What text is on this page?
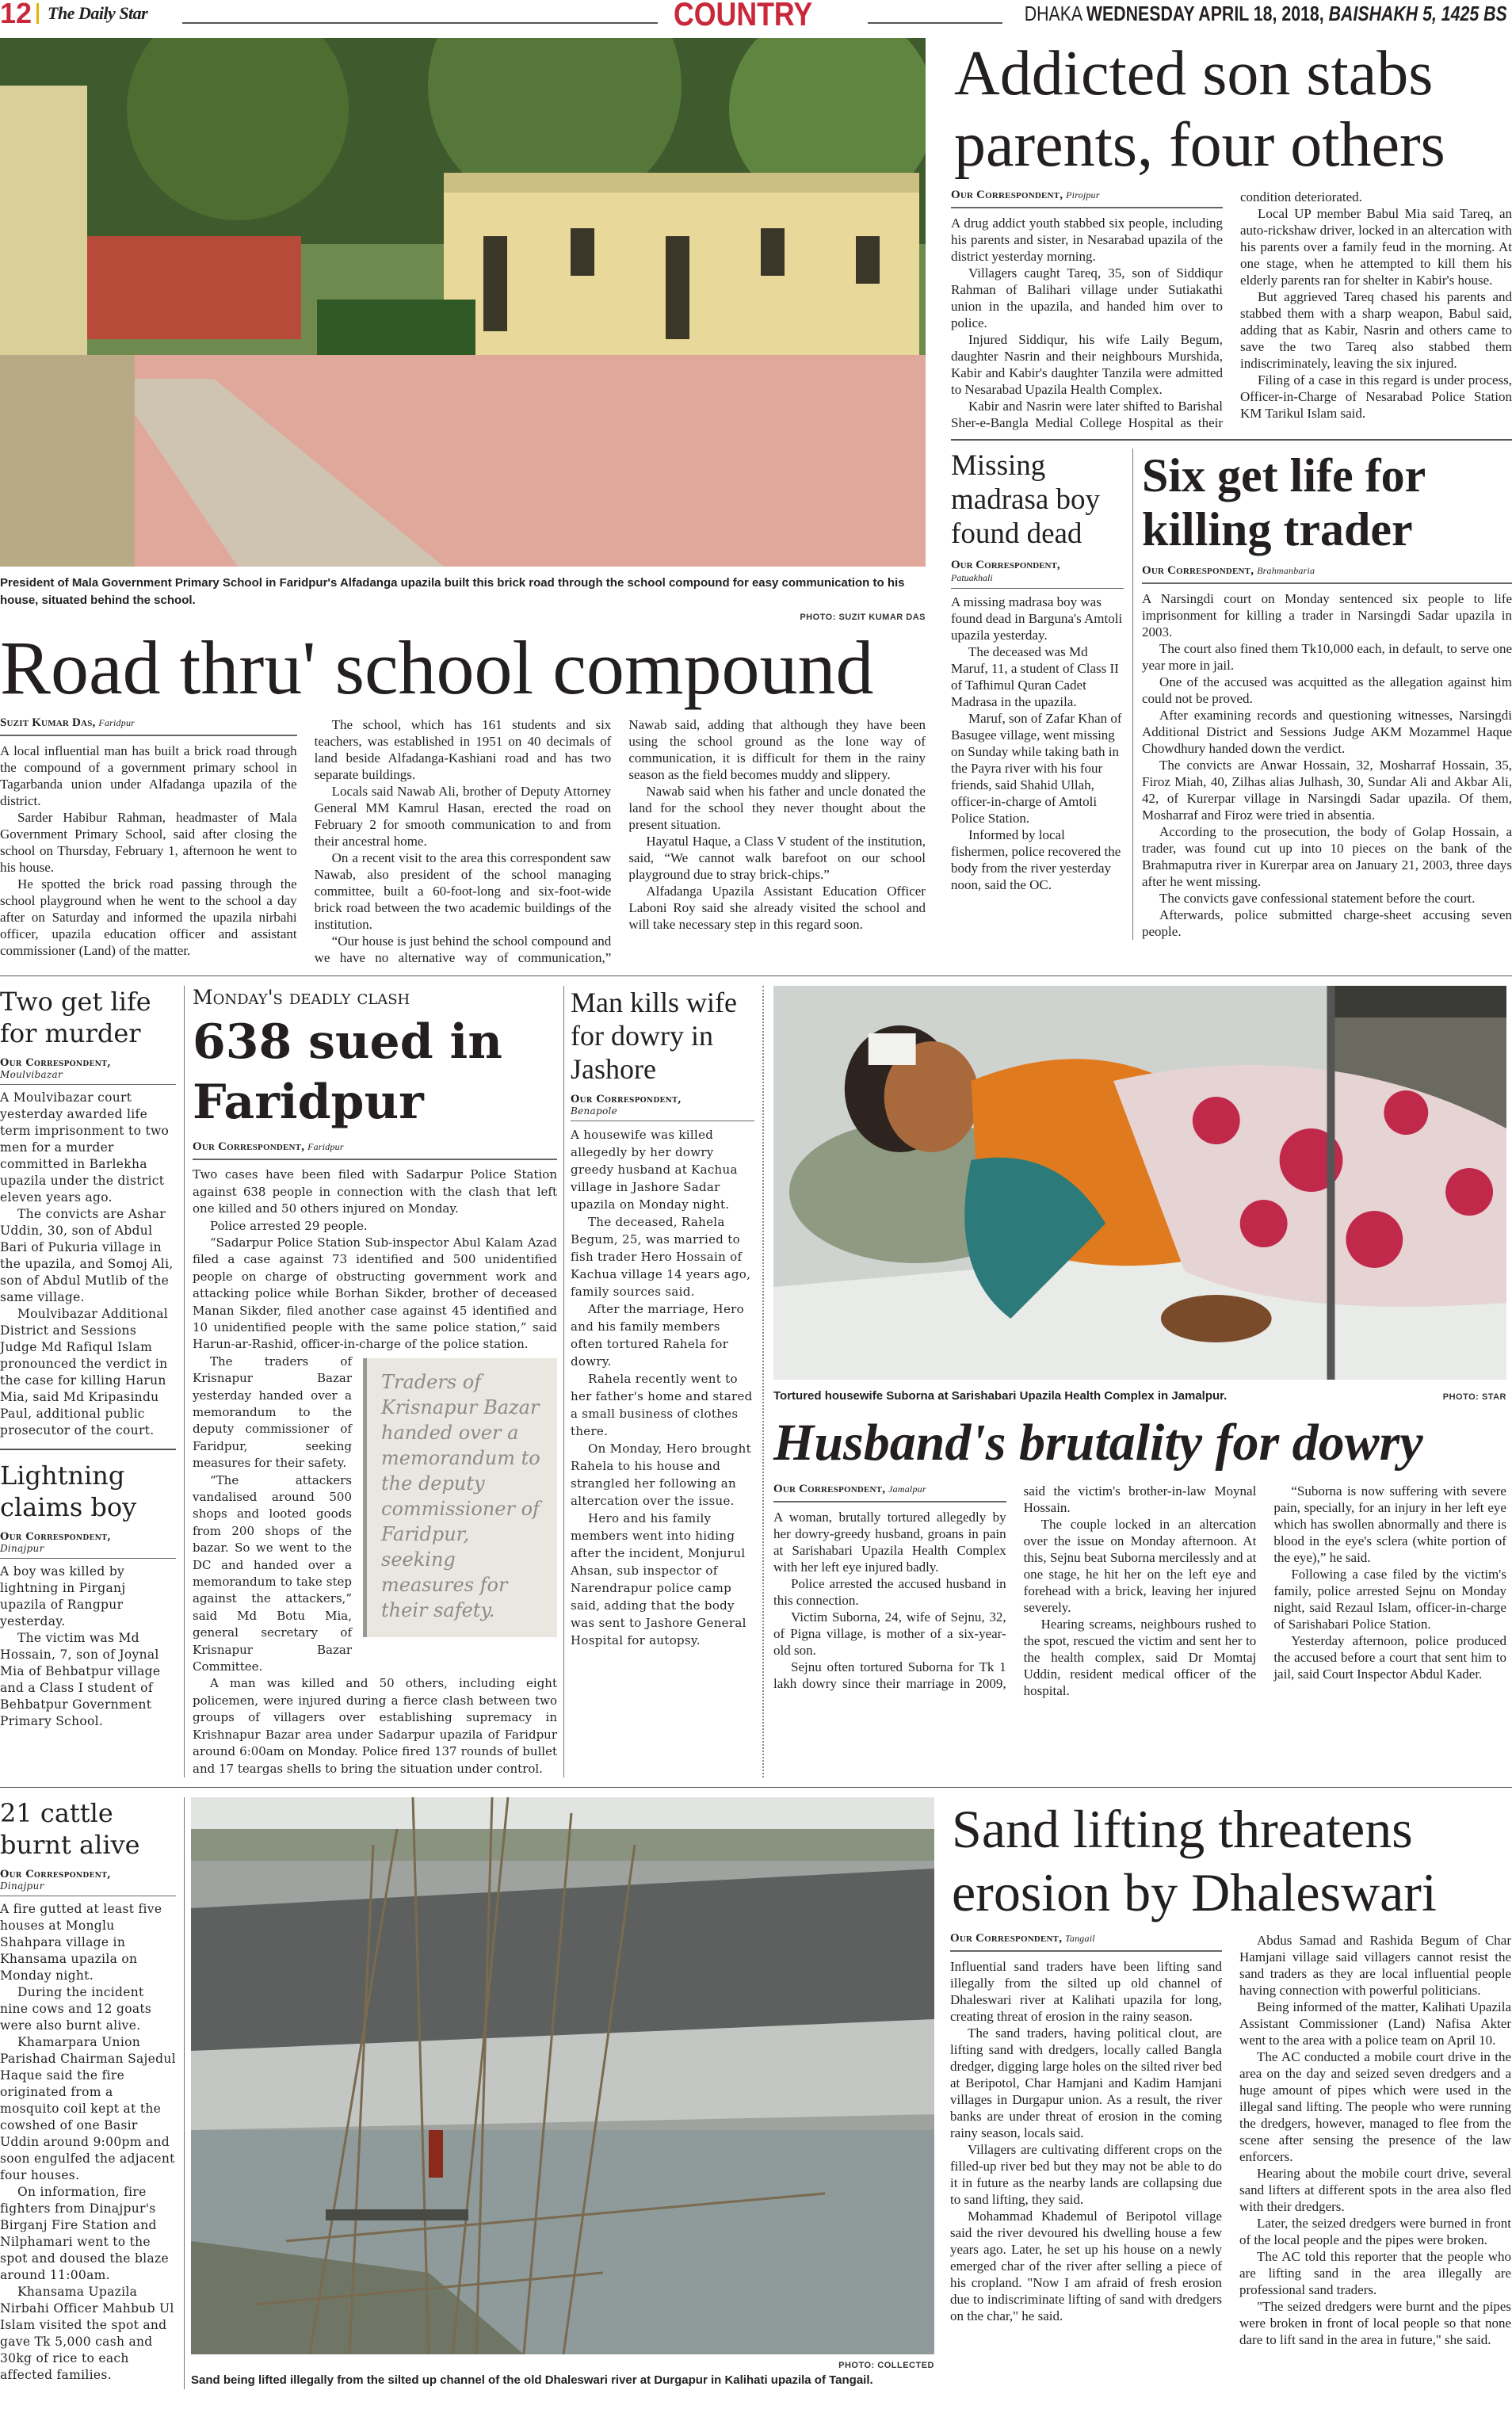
12 The Daily Star	COUNTRY	DHAKA WEDNESDAY APRIL 18, 2018, BAISHAKH 5, 1425 BS
President of Mala Government Primary School in Faridpur's Alfadanga upazila built this brick road through the school compound for easy communication to his house, situated behind the school.
PHOTO: SUZIT KUMAR DAS
Road thru' school compound
Suzit Kumar Das, Faridpur

A local influential man has built a brick road through the compound of a government primary school in Tagarbanda union under Alfadanga upazila of the district.

Sarder Habibur Rahman, headmaster of Mala Government Primary School, said after closing the school on Thursday, February 1, afternoon he went to his house.

He spotted the brick road passing through the school playground when he went to the school a day after on Saturday and informed the upazila nirbahi officer, upazila education officer and assistant commissioner (Land) of the matter.

The school, which has 161 students and six teachers, was established in 1951 on 40 decimals of land beside Alfadanga-Kashiani road and has two separate buildings.

Locals said Nawab Ali, brother of Deputy Attorney General MM Kamrul Hasan, erected the road on February 2 for smooth communication to and from their ancestral home.

On a recent visit to the area this correspondent saw Nawab, also president of the school managing committee, built a 60-foot-long and six-foot-wide brick road between the two academic buildings of the institution.

“Our house is just behind the school compound and we have no alternative way of communication,” Nawab said, adding that although they have been using the school ground as the lone way of communication, it is difficult for them in the rainy season as the field becomes muddy and slippery.

Nawab said when his father and uncle donated the land for the school they never thought about the present situation.

Hayatul Haque, a Class V student of the institution, said, “We cannot walk barefoot on our school playground due to stray brick-chips.”

Alfadanga Upazila Assistant Education Officer Laboni Roy said she already visited the school and will take necessary step in this regard soon.

Addicted son stabs parents, four others
Our Correspondent, Pirojpur

A drug addict youth stabbed six people, including his parents and sister, in Nesarabad upazila of the district yesterday morning.

Villagers caught Tareq, 35, son of Siddiqur Rahman of Balihari village under Sutiakathi union in the upazila, and handed him over to police.

Injured Siddiqur, his wife Laily Begum, daughter Nasrin and their neighbours Murshida, Kabir and Kabir's daughter Tanzila were admitted to Nesarabad Upazila Health Complex.

Kabir and Nasrin were later shifted to Barishal Sher-e-Bangla Medial College Hospital as their condition deteriorated.

Local UP member Babul Mia said Tareq, an auto-rickshaw driver, locked in an altercation with his parents over a family feud in the morning. At one stage, when he attempted to kill them his elderly parents ran for shelter in Kabir's house.

But aggrieved Tareq chased his parents and stabbed them with a sharp weapon, Babul said, adding that as Kabir, Nasrin and others came to save the two Tareq also stabbed them indiscriminately, leaving the six injured.

Filing of a case in this regard is under process, Officer-in-Charge of Nesarabad Police Station KM Tarikul Islam said.

Missing madrasa boy found dead
Our Correspondent,
Patuakhali

A missing madrasa boy was found dead in Barguna's Amtoli upazila yesterday.

The deceased was Md Maruf, 11, a student of Class II of Tafhimul Quran Cadet Madrasa in the upazila.

Maruf, son of Zafar Khan of Basugee village, went missing on Sunday while taking bath in the Payra river with his four friends, said Shahid Ullah, officer-in-charge of Amtoli Police Station.

Informed by local fishermen, police recovered the body from the river yesterday noon, said the OC.

Six get life for killing trader
Our Correspondent, Brahmanbaria

A Narsingdi court on Monday sentenced six people to life imprisonment for killing a trader in Narsingdi Sadar upazila in 2003.

The court also fined them Tk10,000 each, in default, to serve one year more in jail.

One of the accused was acquitted as the allegation against him could not be proved.

After examining records and questioning witnesses, Narsingdi Additional District and Sessions Judge AKM Mozammel Haque Chowdhury handed down the verdict.

The convicts are Anwar Hossain, 32, Mosharraf Hossain, 35, Firoz Miah, 40, Zilhas alias Julhash, 30, Sundar Ali and Akbar Ali, 42, of Kurerpar village in Narsingdi Sadar upazila. Of them, Mosharraf and Firoz were tried in absentia.

According to the prosecution, the body of Golap Hossain, a trader, was found cut up into 10 pieces on the bank of the Brahmaputra river in Kurerpar area on January 21, 2003, three days after he went missing.

The convicts gave confessional statement before the court.

Afterwards, police submitted charge-sheet accusing seven people.

Two get life for murder
Our Correspondent,
Moulvibazar

A Moulvibazar court yesterday awarded life term imprisonment to two men for a murder committed in Barlekha upazila under the district eleven years ago.

The convicts are Ashar Uddin, 30, son of Abdul Bari of Pukuria village in the upazila, and Somoj Ali, son of Abdul Mutlib of the same village.

Moulvibazar Additional District and Sessions Judge Md Rafiqul Islam pronounced the verdict in the case for killing Harun Mia, said Md Kripasindu Paul, additional public prosecutor of the court.

Lightning claims boy
Our Correspondent,
Dinajpur

A boy was killed by lightning in Pirganj upazila of Rangpur yesterday.

The victim was Md Hossain, 7, son of Joynal Mia of Behbatpur village and a Class I student of Behbatpur Government Primary School.

Monday's deadly clash
638 sued in Faridpur
Our Correspondent, Faridpur

Two cases have been filed with Sadarpur Police Station against 638 people in connection with the clash that left one killed and 50 others injured on Monday.

Police arrested 29 people.

“Sadarpur Police Station Sub-inspector Abul Kalam Azad filed a case against 73 identified and 500 unidentified people on charge of obstructing government work and attacking police while Borhan Sikder, brother of deceased Manan Sikder, filed another case against 45 identified and 10 unidentified people with the same police station,” said Harun-ar-Rashid, officer-in-charge of the police station.

Traders of Krisnapur Bazar handed over a memorandum to the deputy commissioner of Faridpur, seeking measures for their safety.

The traders of Krisnapur Bazar yesterday handed over a memorandum to the deputy commissioner of Faridpur, seeking measures for their safety.

“The attackers vandalised around 500 shops and looted goods from 200 shops of the bazar. So we went to the DC and handed over a memorandum to take step against the attackers,” said Md Botu Mia, general secretary of Krisnapur Bazar Committee.

A man was killed and 50 others, including eight policemen, were injured during a fierce clash between two groups of villagers over establishing supremacy in Krishnapur Bazar area under Sadarpur upazila of Faridpur around 6:00am on Monday. Police fired 137 rounds of bullet and 17 teargas shells to bring the situation under control.

Man kills wife for dowry in Jashore
Our Correspondent,
Benapole

A housewife was killed allegedly by her dowry greedy husband at Kachua village in Jashore Sadar upazila on Monday night.

The deceased, Rahela Begum, 25, was married to fish trader Hero Hossain of Kachua village 14 years ago, family sources said.

After the marriage, Hero and his family members often tortured Rahela for dowry.

Rahela recently went to her father's home and stared a small business of clothes there.

On Monday, Hero brought Rahela to his house and strangled her following an altercation over the issue.

Hero and his family members went into hiding after the incident, Monjurul Ahsan, sub inspector of Narendrapur police camp said, adding that the body was sent to Jashore General Hospital for autopsy.

Tortured housewife Suborna at Sarishabari Upazila Health Complex in Jamalpur.	PHOTO: STAR
Husband's brutality for dowry
Our Correspondent, Jamalpur

A woman, brutally tortured allegedly by her dowry-greedy husband, groans in pain at Sarishabari Upazila Health Complex with her left eye injured badly.

Police arrested the accused husband in this connection.

Victim Suborna, 24, wife of Sejnu, 32, of Pigna village, is mother of a six-year-old son.

Sejnu often tortured Suborna for Tk 1 lakh dowry since their marriage in 2009, said the victim's brother-in-law Moynal Hossain.

The couple locked in an altercation over the issue on Monday afternoon. At this, Sejnu beat Suborna mercilessly and at one stage, he hit her on the left eye and forehead with a brick, leaving her injured severely.

Hearing screams, neighbours rushed to the spot, rescued the victim and sent her to the health complex, said Dr Momtaj Uddin, resident medical officer of the hospital.

“Suborna is now suffering with severe pain, specially, for an injury in her left eye which has swollen abnormally and there is blood in the eye's sclera (white portion of the eye),” he said.

Following a case filed by the victim's family, police arrested Sejnu on Monday night, said Rezaul Islam, officer-in-charge of Sarishabari Police Station.

Yesterday afternoon, police produced the accused before a court that sent him to jail, said Court Inspector Abdul Kader.

21 cattle burnt alive
Our Correspondent,
Dinajpur

A fire gutted at least five houses at Monglu Shahpara village in Khansama upazila on Monday night.

During the incident nine cows and 12 goats were also burnt alive.

Khamarpara Union Parishad Chairman Sajedul Haque said the fire originated from a mosquito coil kept at the cowshed of one Basir Uddin around 9:00pm and soon engulfed the adjacent four houses.

On information, fire fighters from Dinajpur's Birganj Fire Station and Nilphamari went to the spot and doused the blaze around 11:00am.

Khansama Upazila Nirbahi Officer Mahbub Ul Islam visited the spot and gave Tk 5,000 cash and 30kg of rice to each affected families.

PHOTO: COLLECTED
Sand being lifted illegally from the silted up channel of the old Dhaleswari river at Durgapur in Kalihati upazila of Tangail.
Sand lifting threatens erosion by Dhaleswari
Our Correspondent, Tangail

Influential sand traders have been lifting sand illegally from the silted up old channel of Dhaleswari river at Kalihati upazila for long, creating threat of erosion in the rainy season.

The sand traders, having political clout, are lifting sand with dredgers, locally called Bangla dredger, digging large holes on the silted river bed at Beripotol, Char Hamjani and Kadim Hamjani villages in Durgapur union. As a result, the river banks are under threat of erosion in the coming rainy season, locals said.

Villagers are cultivating different crops on the filled-up river bed but they may not be able to do it in future as the nearby lands are collapsing due to sand lifting, they said.

Mohammad Khademul of Beripotol village said the river devoured his dwelling house a few years ago. Later, he set up his house on a newly emerged char of the river after selling a piece of his cropland. "Now I am afraid of fresh erosion due to indiscriminate lifting of sand with dredgers on the char," he said.

Abdus Samad and Rashida Begum of Char Hamjani village said villagers cannot resist the sand traders as they are local influential people having connection with powerful politicians.

Being informed of the matter, Kalihati Upazila Assistant Commissioner (Land) Nafisa Akter went to the area with a police team on April 10.

The AC conducted a mobile court drive in the area on the day and seized seven dredgers and a huge amount of pipes which were used in the illegal sand lifting. The people who were running the dredgers, however, managed to flee from the scene after sensing the presence of the law enforcers.

Hearing about the mobile court drive, several sand lifters at different spots in the area also fled with their dredgers.

Later, the seized dredgers were burned in front of the local people and the pipes were broken.

The AC told this reporter that the people who are lifting sand in the area illegally are professional sand traders.

"The seized dredgers were burnt and the pipes were broken in front of local people so that none dare to lift sand in the area in future," she said.
